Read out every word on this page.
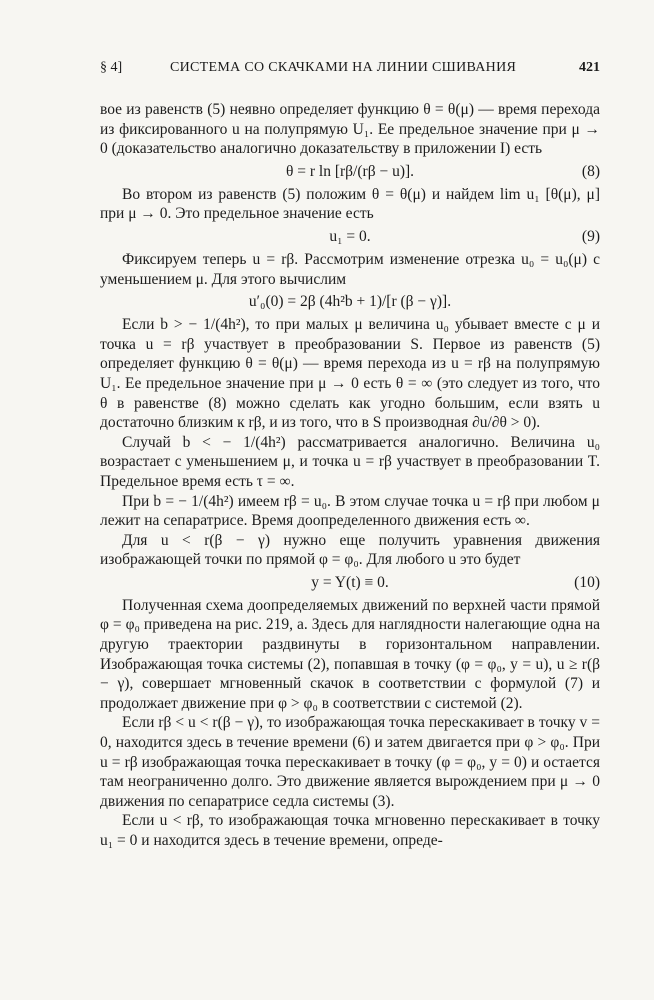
§ 4]	СИСТЕМА СО СКАЧКАМИ НА ЛИНИИ СШИВАНИЯ	421

вое из равенств (5) неявно определяет функцию θ = θ(μ) — время перехода из фиксированного u на полупрямую U₁. Ее предельное значение при μ → 0 (доказательство аналогично доказательству в приложении I) есть

θ = r ln [rβ/(rβ − u)].	(8)

Во втором из равенств (5) положим θ = θ(μ) и найдем lim u₁ [θ(μ), μ] при μ → 0. Это предельное значение есть

u₁ = 0.	(9)

Фиксируем теперь u = rβ. Рассмотрим изменение отрезка u₀ = u₀(μ) с уменьшением μ. Для этого вычислим

u′₀(0) = 2β (4h²b + 1)/[r (β − γ)].

Если b > − 1/(4h²), то при малых μ величина u₀ убывает вместе с μ и точка u = rβ участвует в преобразовании S. Первое из равенств (5) определяет функцию θ = θ(μ) — время перехода из u = rβ на полупрямую U₁. Ее предельное значение при μ → 0 есть θ = ∞ (это следует из того, что θ в равенстве (8) можно сделать как угодно большим, если взять u достаточно близким к rβ, и из того, что в S производная ∂u/∂θ > 0).

Случай b < − 1/(4h²) рассматривается аналогично. Величина u₀ возрастает с уменьшением μ, и точка u = rβ участвует в преобразовании T. Предельное время есть τ = ∞.

При b = − 1/(4h²) имеем rβ = u₀. В этом случае точка u = rβ при любом μ лежит на сепаратрисе. Время доопределенного движения есть ∞.

Для u < r(β − γ) нужно еще получить уравнения движения изображающей точки по прямой φ = φ₀. Для любого u это будет

y = Y(t) ≡ 0.	(10)

Полученная схема доопределяемых движений по верхней части прямой φ = φ₀ приведена на рис. 219, а. Здесь для наглядности налегающие одна на другую траектории раздвинуты в горизонтальном направлении. Изображающая точка системы (2), попавшая в точку (φ = φ₀, y = u), u ≥ r(β − γ), совершает мгновенный скачок в соответствии с формулой (7) и продолжает движение при φ > φ₀ в соответствии с системой (2).

Если rβ < u < r(β − γ), то изображающая точка перескакивает в точку v = 0, находится здесь в течение времени (6) и затем двигается при φ > φ₀. При u = rβ изображающая точка перескакивает в точку (φ = φ₀, y = 0) и остается там неограниченно долго. Это движение является вырождением при μ → 0 движения по сепаратрисе седла системы (3).

Если u < rβ, то изображающая точка мгновенно перескакивает в точку u₁ = 0 и находится здесь в течение времени, опреде-
